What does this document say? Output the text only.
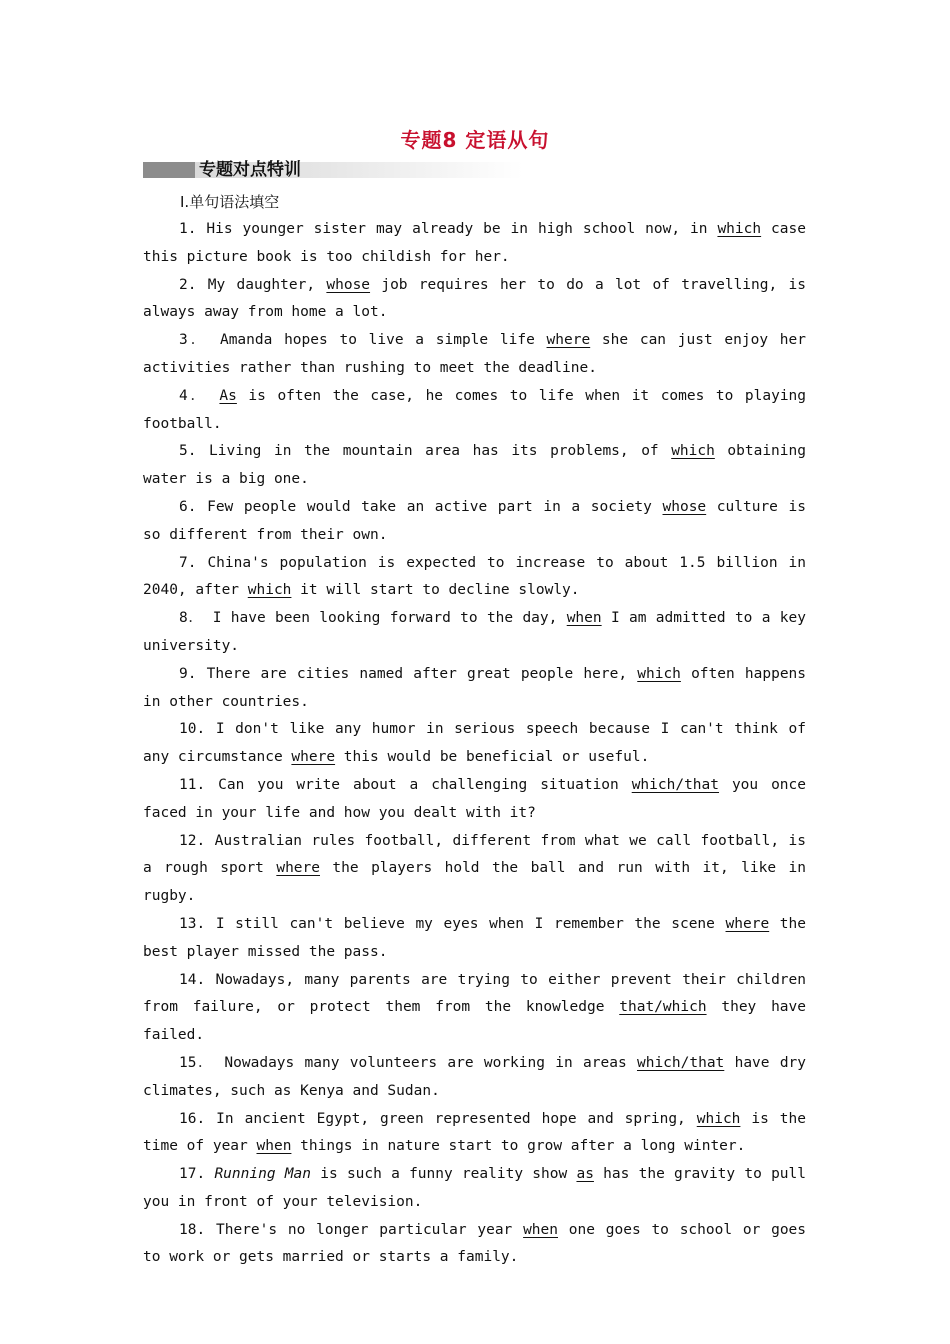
专题8 定语从句
专题对点特训
Ⅰ.单句语法填空

1. His younger sister may already be in high school now, in which case this picture book is too childish for her.

2. My daughter, whose job requires her to do a lot of travelling, is always away from home a lot.

3． Amanda hopes to live a simple life where she can just enjoy her activities rather than rushing to meet the deadline.

4． As is often the case, he comes to life when it comes to playing football.

5. Living in the mountain area has its problems, of which obtaining water is a big one.

6. Few people would take an active part in a society whose culture is so different from their own.

7. China's population is expected to increase to about 1.5 billion in 2040, after which it will start to decline slowly.

8． I have been looking forward to the day, when I am admitted to a key university.

9. There are cities named after great people here, which often happens in other countries.

10. I don't like any humor in serious speech because I can't think of any circumstance where this would be beneficial or useful.

11. Can you write about a challenging situation which/that you once faced in your life and how you dealt with it?

12. Australian rules football, different from what we call football, is a rough sport where the players hold the ball and run with it, like in rugby.

13. I still can't believe my eyes when I remember the scene where the best player missed the pass.

14. Nowadays, many parents are trying to either prevent their children from failure, or protect them from the knowledge that/which they have failed.

15． Nowadays many volunteers are working in areas which/that have dry climates, such as Kenya and Sudan.

16. In ancient Egypt, green represented hope and spring, which is the time of year when things in nature start to grow after a long winter.

17. Running Man is such a funny reality show as has the gravity to pull you in front of your television.

18. There's no longer particular year when one goes to school or goes to work or gets married or starts a family.
